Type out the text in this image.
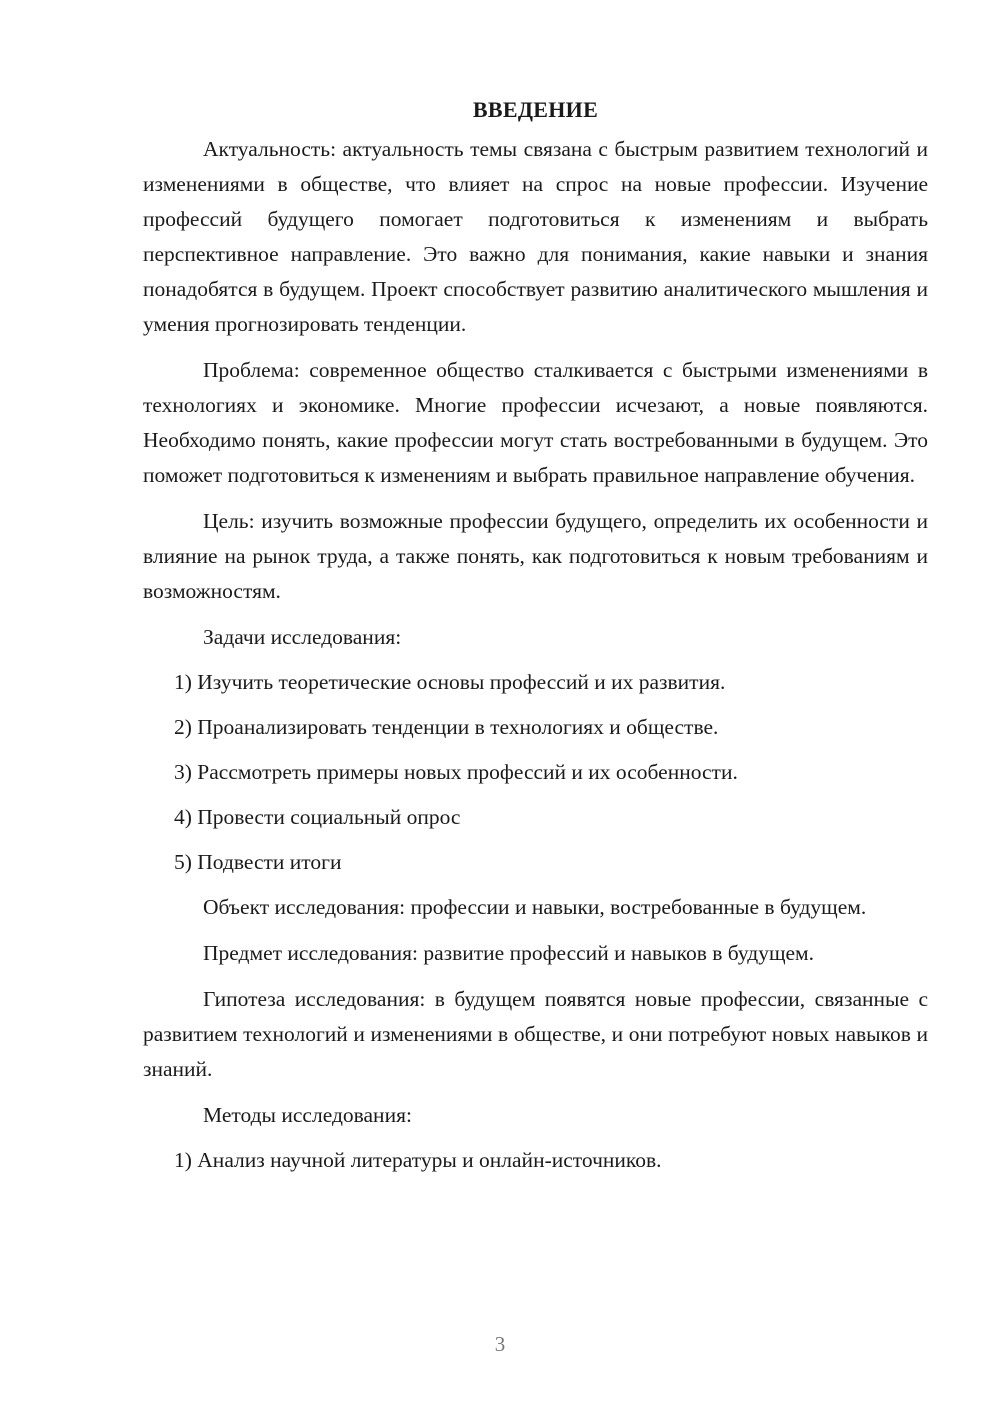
ВВЕДЕНИЕ

Актуальность: актуальность темы связана с быстрым развитием технологий и изменениями в обществе, что влияет на спрос на новые профессии. Изучение профессий будущего помогает подготовиться к изменениям и выбрать перспективное направление. Это важно для понимания, какие навыки и знания понадобятся в будущем. Проект способствует развитию аналитического мышления и умения прогнозировать тенденции.

Проблема: современное общество сталкивается с быстрыми изменениями в технологиях и экономике. Многие профессии исчезают, а новые появляются. Необходимо понять, какие профессии могут стать востребованными в будущем. Это поможет подготовиться к изменениям и выбрать правильное направление обучения.

Цель: изучить возможные профессии будущего, определить их особенности и влияние на рынок труда, а также понять, как подготовиться к новым требованиям и возможностям.

Задачи исследования:

1) Изучить теоретические основы профессий и их развития.

2) Проанализировать тенденции в технологиях и обществе.

3) Рассмотреть примеры новых профессий и их особенности.

4) Провести социальный опрос

5) Подвести итоги

Объект исследования: профессии и навыки, востребованные в будущем.

Предмет исследования: развитие профессий и навыков в будущем.

Гипотеза исследования: в будущем появятся новые профессии, связанные с развитием технологий и изменениями в обществе, и они потребуют новых навыков и знаний.

Методы исследования:

1) Анализ научной литературы и онлайн-источников.

3
